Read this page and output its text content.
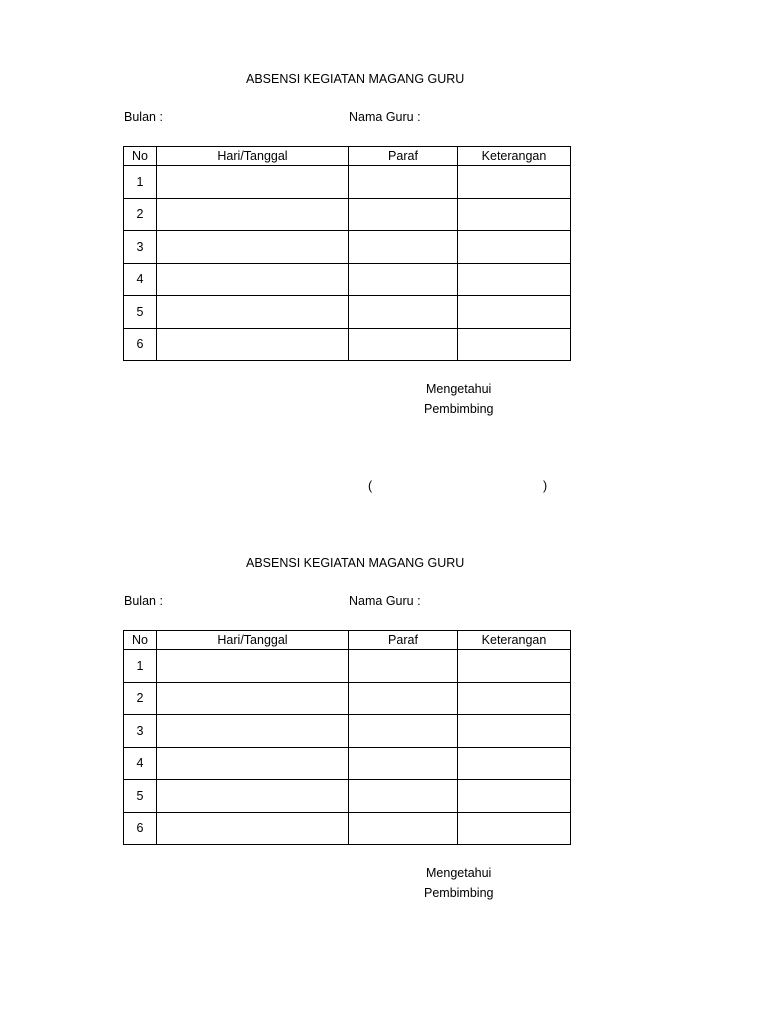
ABSENSI KEGIATAN MAGANG GURU
Bulan :	Nama Guru :
No	Hari/Tanggal	Paraf	Keterangan
1			
2			
3			
4			
5			
6			
Mengetahui
Pembimbing
(	)
ABSENSI KEGIATAN MAGANG GURU
Bulan :	Nama Guru :
No	Hari/Tanggal	Paraf	Keterangan
1			
2			
3			
4			
5			
6			
Mengetahui
Pembimbing
